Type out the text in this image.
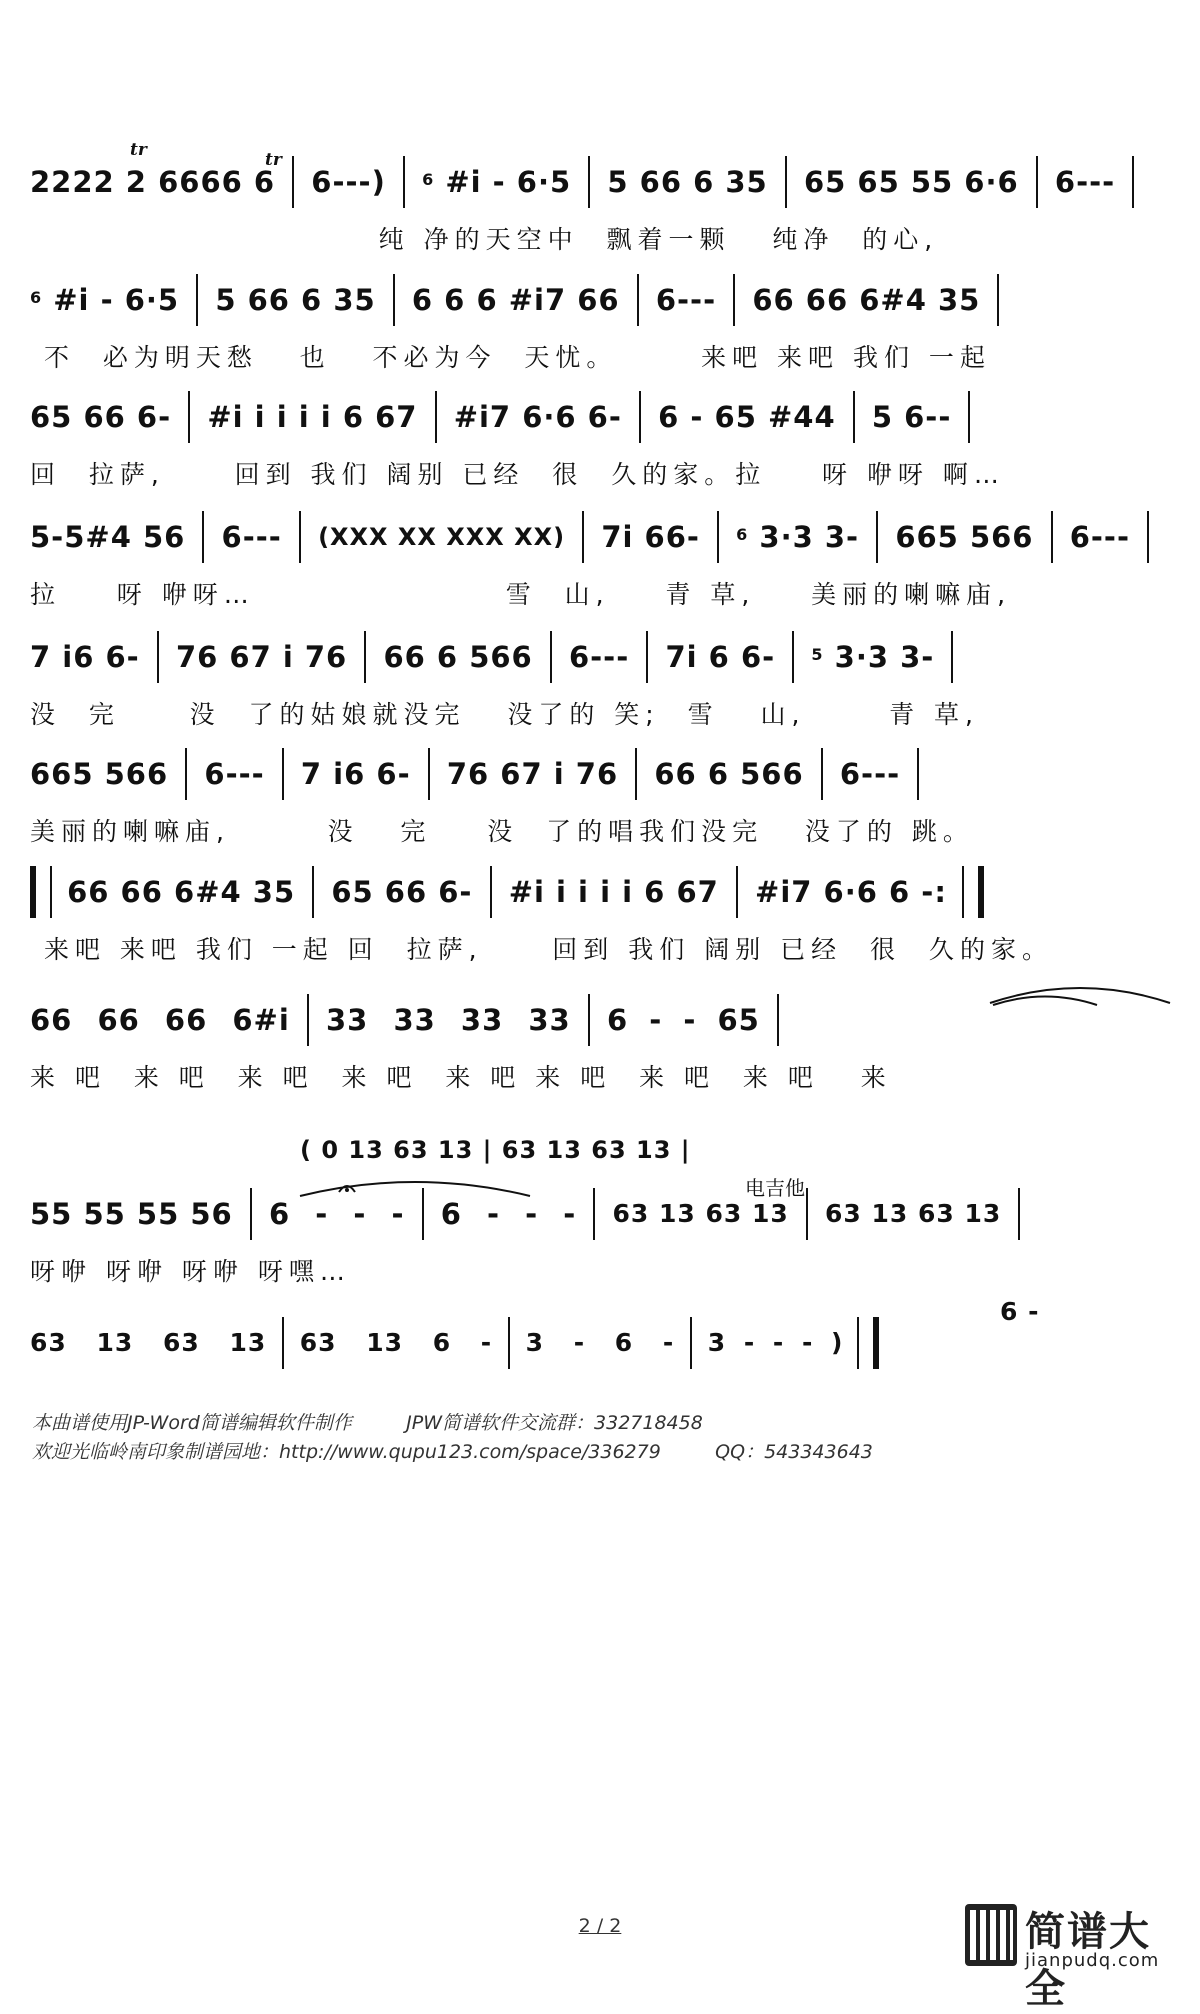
tr	tr
2222 2 6666 6 6---) 6 #i - 6·5 5 66 6 35 65 65 55 6·6 6---
纯 净的天空中  飘着一颗   纯净  的心,
6 #i - 6·5 5 66 6 35 6 6 6 #i7 66 6--- 66 66 6#4 35
不  必为明天愁   也   不必为今  天忧。      来吧 来吧 我们 一起
65 66 6- #i i i i i 6 67 #i7 6·6 6- 6 - 65 #44 5 6--
回  拉萨,     回到 我们 阔别 已经  很  久的家。拉    呀 咿呀 啊…
5-5#4 56 6--- (XXX XX XXX XX) 7i 66- 6 3·3 3- 665 566 6---
拉    呀 咿呀…                  雪  山,    青 草,    美丽的喇嘛庙,
7 i6 6- 76 67 i 76 66 6 566 6--- 7i 6 6- 5 3·3 3-
没  完     没  了的姑娘就没完   没了的 笑;  雪   山,      青 草,
665 566 6--- 7 i6 6- 76 67 i 76 66 6 566 6---
美丽的喇嘛庙,       没   完    没  了的唱我们没完   没了的 跳。
66 66 6#4 35 65 66 6- #i i i i i 6 67 #i7 6·6 6 -:
来吧 来吧 我们 一起 回  拉萨,     回到 我们 阔别 已经  很  久的家。
66 66 66 6#i 33 33 33 33 6 - - 65
来 吧  来 吧  来 吧  来 吧  来 吧 来 吧  来 吧  来 吧   来
( 0 13 63 13 | 63 13 63 13 |
电吉他
55 55 55 56 6 - - - 6 - - - 63 13 63 13 63 13 63 13
呀咿 呀咿 呀咿 呀嘿…
6 -
63 13 63 13 63 13 6 - 3 - 6 - 3 - - - )
本曲谱使用JP-Word简谱编辑软件制作         JPW简谱软件交流群：332718458
欢迎光临岭南印象制谱园地：http://www.qupu123.com/space/336279         QQ：543343643
2 / 2	简谱大全
jianpudq.com
